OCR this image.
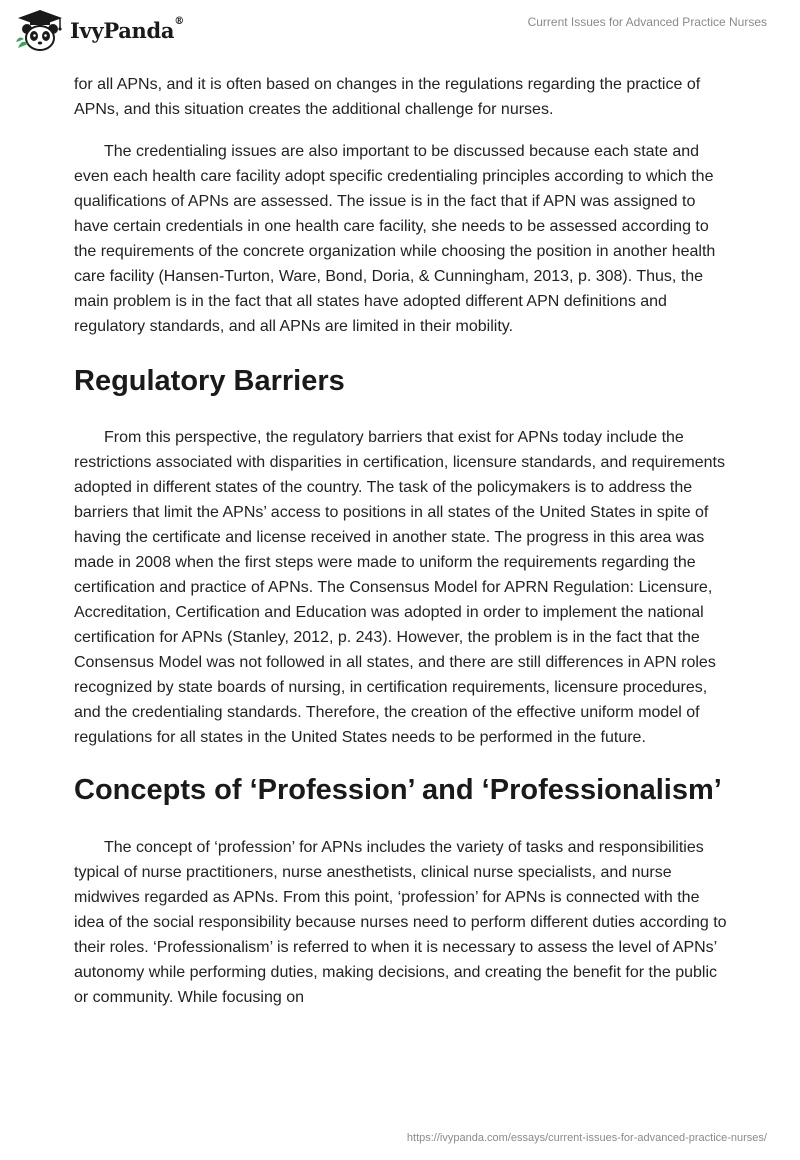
IvyPanda®	Current Issues for Advanced Practice Nurses

for all APNs, and it is often based on changes in the regulations regarding the practice of APNs, and this situation creates the additional challenge for nurses.

The credentialing issues are also important to be discussed because each state and even each health care facility adopt specific credentialing principles according to which the qualifications of APNs are assessed. The issue is in the fact that if APN was assigned to have certain credentials in one health care facility, she needs to be assessed according to the requirements of the concrete organization while choosing the position in another health care facility (Hansen-Turton, Ware, Bond, Doria, & Cunningham, 2013, p. 308). Thus, the main problem is in the fact that all states have adopted different APN definitions and regulatory standards, and all APNs are limited in their mobility.

Regulatory Barriers

From this perspective, the regulatory barriers that exist for APNs today include the restrictions associated with disparities in certification, licensure standards, and requirements adopted in different states of the country. The task of the policymakers is to address the barriers that limit the APNs’ access to positions in all states of the United States in spite of having the certificate and license received in another state. The progress in this area was made in 2008 when the first steps were made to uniform the requirements regarding the certification and practice of APNs. The Consensus Model for APRN Regulation: Licensure, Accreditation, Certification and Education was adopted in order to implement the national certification for APNs (Stanley, 2012, p. 243). However, the problem is in the fact that the Consensus Model was not followed in all states, and there are still differences in APN roles recognized by state boards of nursing, in certification requirements, licensure procedures, and the credentialing standards. Therefore, the creation of the effective uniform model of regulations for all states in the United States needs to be performed in the future.

Concepts of ‘Profession’ and ‘Professionalism’

The concept of ‘profession’ for APNs includes the variety of tasks and responsibilities typical of nurse practitioners, nurse anesthetists, clinical nurse specialists, and nurse midwives regarded as APNs. From this point, ‘profession’ for APNs is connected with the idea of the social responsibility because nurses need to perform different duties according to their roles. ‘Professionalism’ is referred to when it is necessary to assess the level of APNs’ autonomy while performing duties, making decisions, and creating the benefit for the public or community. While focusing on

https://ivypanda.com/essays/current-issues-for-advanced-practice-nurses/
